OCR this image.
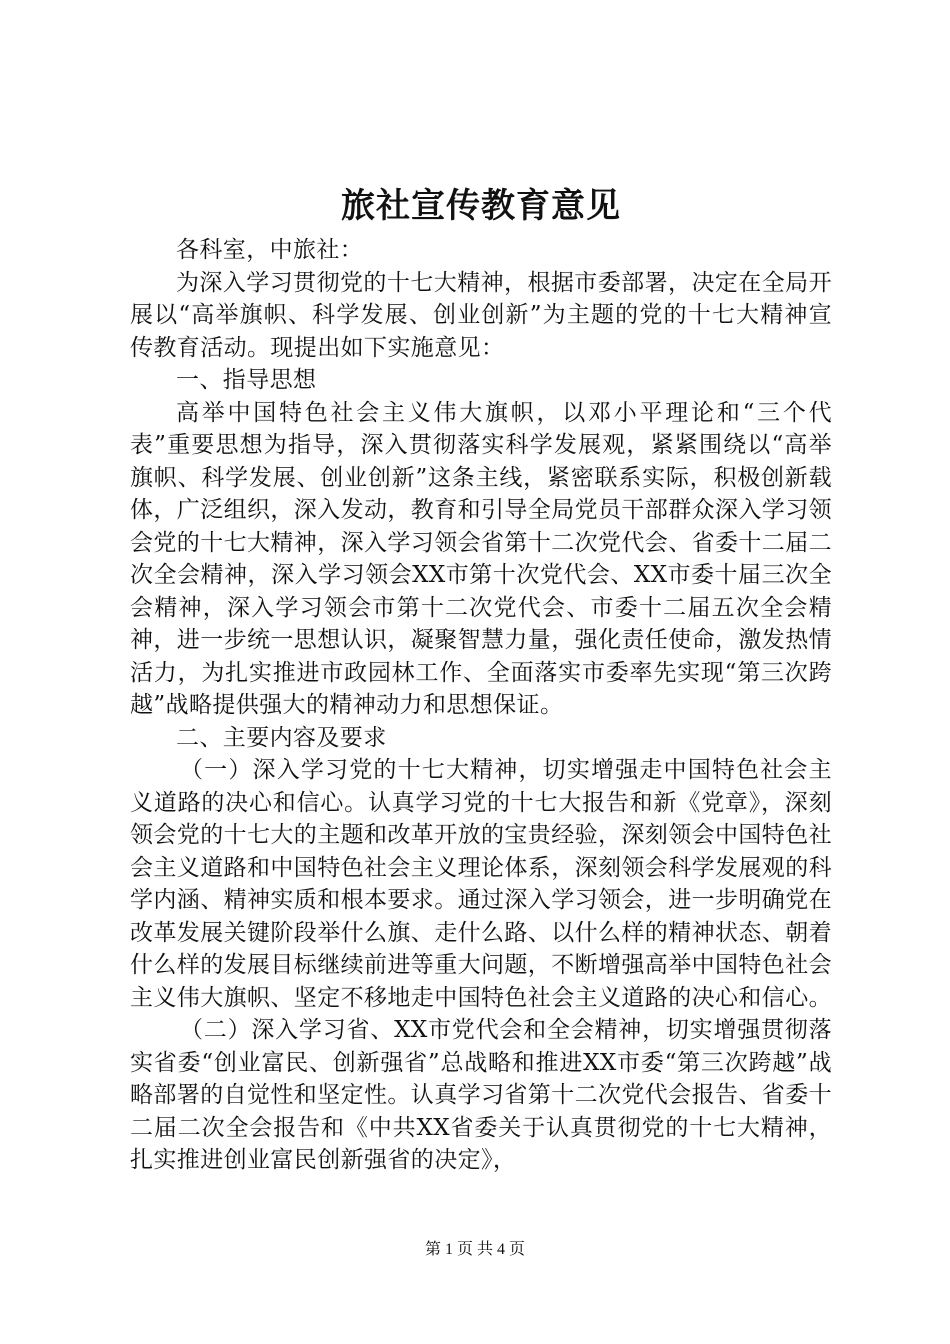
旅社宣传教育意见

各科室，中旅社：

为深入学习贯彻党的十七大精神，根据市委部署，决定在全局开展以“高举旗帜、科学发展、创业创新”为主题的党的十七大精神宣传教育活动。现提出如下实施意见：

一、指导思想

高举中国特色社会主义伟大旗帜，以邓小平理论和“三个代表”重要思想为指导，深入贯彻落实科学发展观，紧紧围绕以“高举旗帜、科学发展、创业创新”这条主线，紧密联系实际，积极创新载体，广泛组织，深入发动，教育和引导全局党员干部群众深入学习领会党的十七大精神，深入学习领会省第十二次党代会、省委十二届二次全会精神，深入学习领会XX市第十次党代会、XX市委十届三次全会精神，深入学习领会市第十二次党代会、市委十二届五次全会精神，进一步统一思想认识，凝聚智慧力量，强化责任使命，激发热情活力，为扎实推进市政园林工作、全面落实市委率先实现“第三次跨越”战略提供强大的精神动力和思想保证。

二、主要内容及要求

（一）深入学习党的十七大精神，切实增强走中国特色社会主义道路的决心和信心。认真学习党的十七大报告和新《党章》，深刻领会党的十七大的主题和改革开放的宝贵经验，深刻领会中国特色社会主义道路和中国特色社会主义理论体系，深刻领会科学发展观的科学内涵、精神实质和根本要求。通过深入学习领会，进一步明确党在改革发展关键阶段举什么旗、走什么路、以什么样的精神状态、朝着什么样的发展目标继续前进等重大问题，不断增强高举中国特色社会主义伟大旗帜、坚定不移地走中国特色社会主义道路的决心和信心。

（二）深入学习省、XX市党代会和全会精神，切实增强贯彻落实省委“创业富民、创新强省”总战略和推进XX市委“第三次跨越”战略部署的自觉性和坚定性。认真学习省第十二次党代会报告、省委十二届二次全会报告和《中共XX省委关于认真贯彻党的十七大精神，扎实推进创业富民创新强省的决定》，

第 1 页 共 4 页
